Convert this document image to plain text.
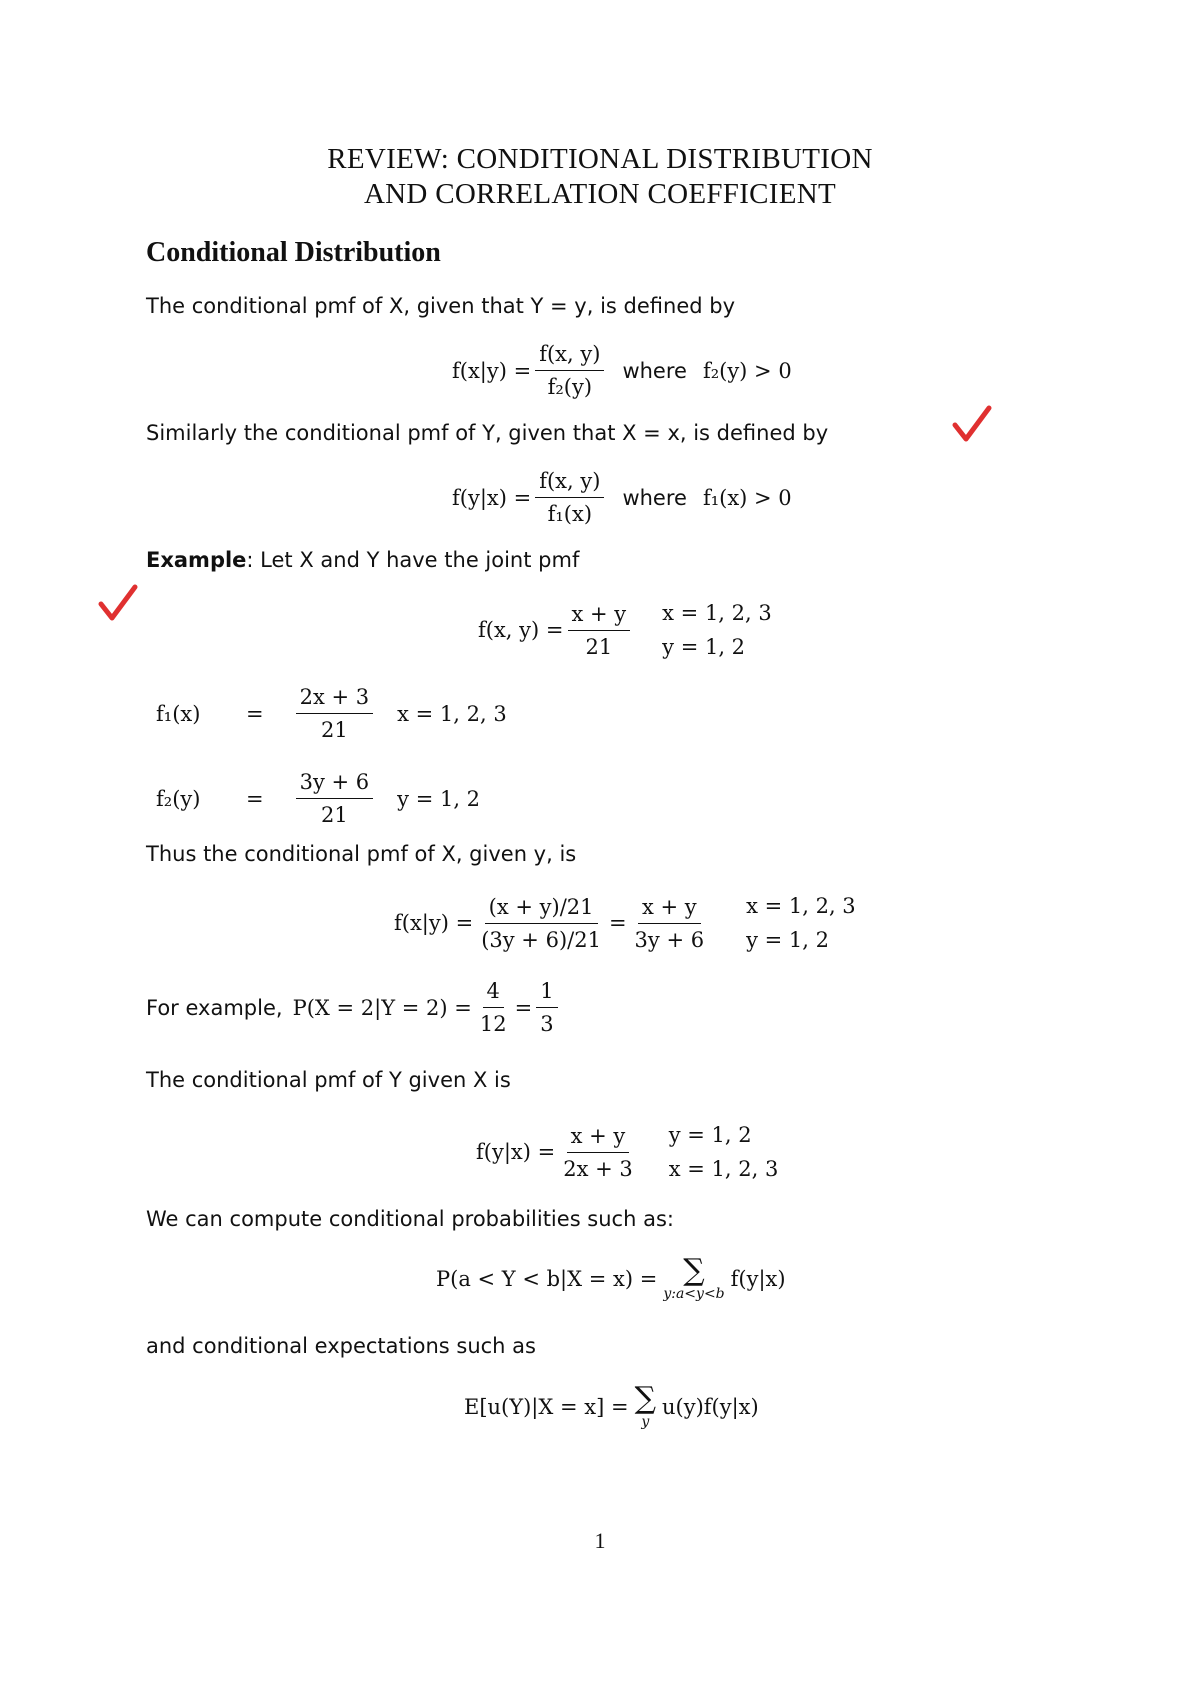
REVIEW: CONDITIONAL DISTRIBUTION
AND CORRELATION COEFFICIENT
Conditional Distribution
The conditional pmf of X, given that Y = y, is defined by
$f(x|y) = \frac{f(x, y)}{\text{f₂(y)}}$ where f₂(y) > 0
Similarly the conditional pmf of Y, given that X = x, is defined by
$f(y|x) = \frac{f(x, y)}{\text{f₁(x)}}$ where f₁(x) > 0
Example: Let X and Y have the joint pmf
f(x, $y) = \frac{x + y}{21}$ x = 1, 2, 3
y = 1, 2
f₁(x)	= $\frac{2x + 3}{21}$ x = 1, 2, 3
f₂(y)	= $\frac{3y + 6}{21}$ y = 1, 2
Thus the conditional pmf of X, given y, is
$f(x|y) = \frac{(x + y)/21}{(3y + 6)/21} = \frac{x + y}{3y + 6}$ x = 1, 2, 3
y = 1, 2
For example, $P(X = 2|Y = 2) = \frac{4}{12} = \frac{1}{3}$
The conditional pmf of Y given X is
$f(y|x) = \frac{x + y}{2x + 3}$ y = 1, 2
x = 1, 2, 3
We can compute conditional probabilities such as:
P(a < Y < b|X = x) = ∑
y:a<y<b
f(y|x)
and conditional expectations such as
E[u(Y)|X = x] = ∑
y
u(y)f(y|x)
1
